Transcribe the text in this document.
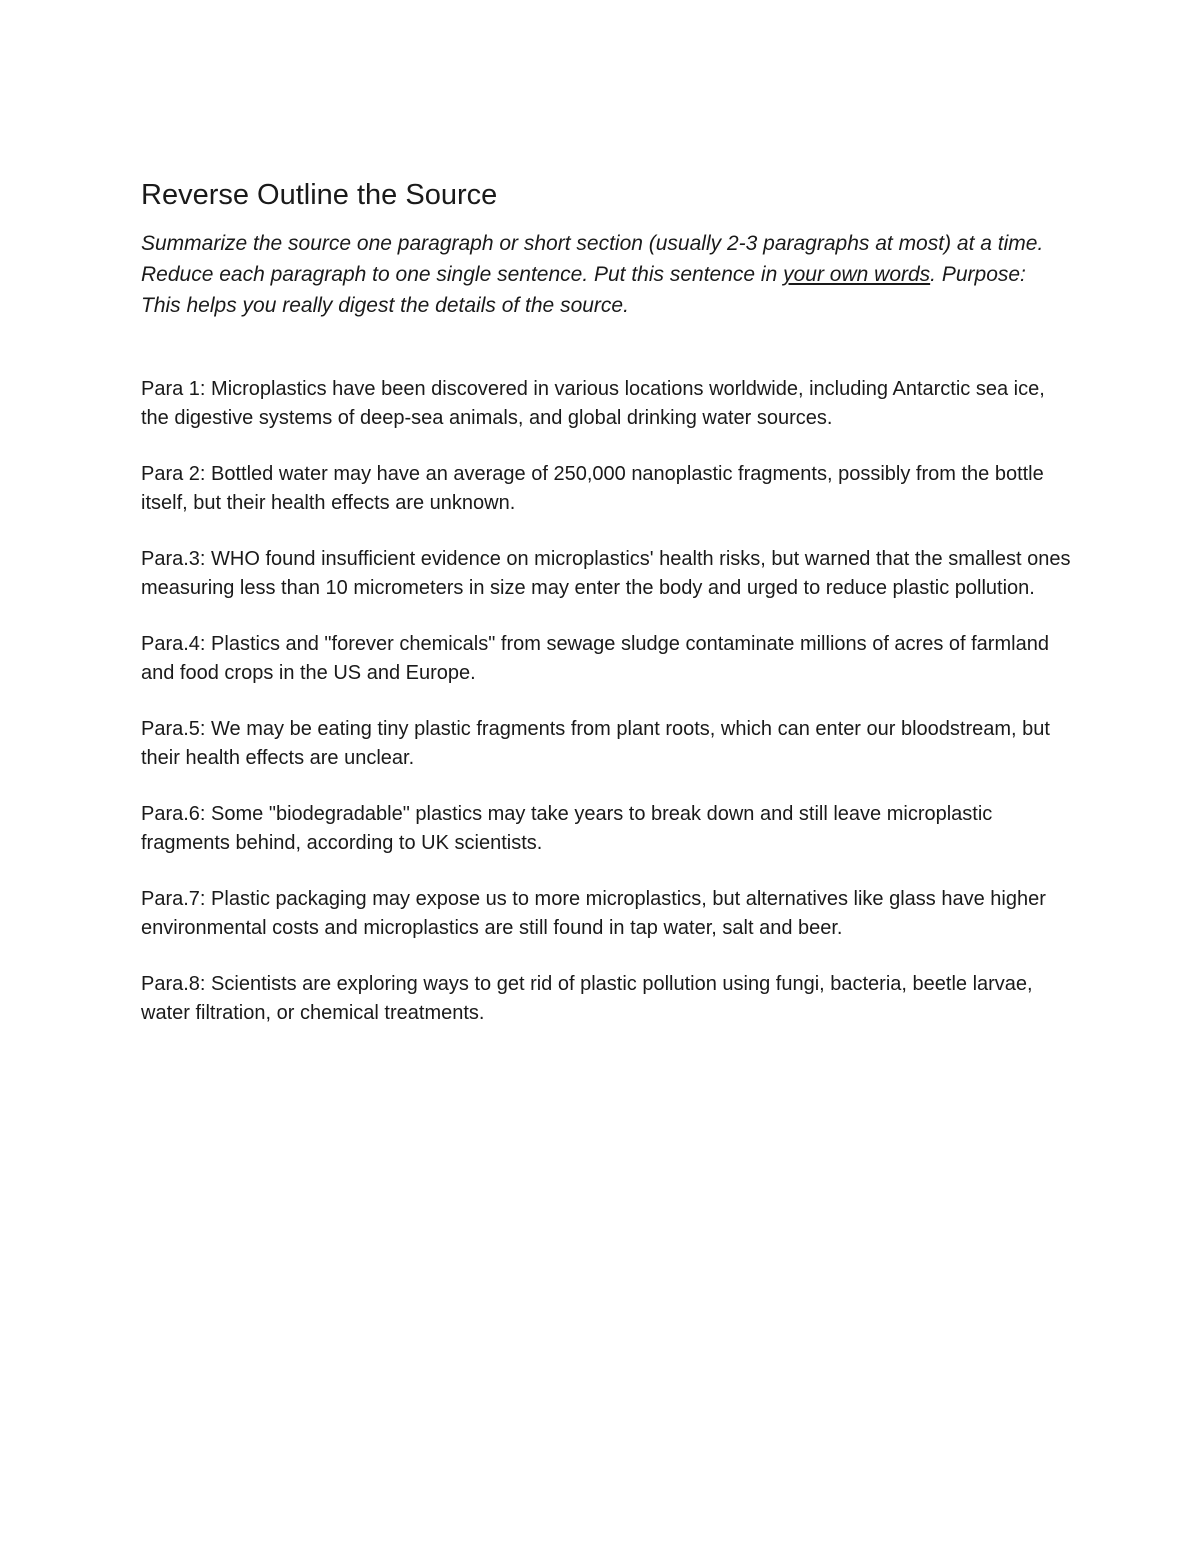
Reverse Outline the Source

Summarize the source one paragraph or short section (usually 2-3 paragraphs at most) at a time. Reduce each paragraph to one single sentence. Put this sentence in your own words. Purpose: This helps you really digest the details of the source.

Para 1: Microplastics have been discovered in various locations worldwide, including Antarctic sea ice, the digestive systems of deep-sea animals, and global drinking water sources.

Para 2: Bottled water may have an average of 250,000 nanoplastic fragments, possibly from the bottle itself, but their health effects are unknown.

Para.3: WHO found insufficient evidence on microplastics' health risks, but warned that the smallest ones measuring less than 10 micrometers in size may enter the body and urged to reduce plastic pollution.

Para.4: Plastics and "forever chemicals" from sewage sludge contaminate millions of acres of farmland and food crops in the US and Europe.

Para.5: We may be eating tiny plastic fragments from plant roots, which can enter our bloodstream, but their health effects are unclear.

Para.6: Some "biodegradable" plastics may take years to break down and still leave microplastic fragments behind, according to UK scientists.

Para.7: Plastic packaging may expose us to more microplastics, but alternatives like glass have higher environmental costs and microplastics are still found in tap water, salt and beer.

Para.8: Scientists are exploring ways to get rid of plastic pollution using fungi, bacteria, beetle larvae, water filtration, or chemical treatments.
